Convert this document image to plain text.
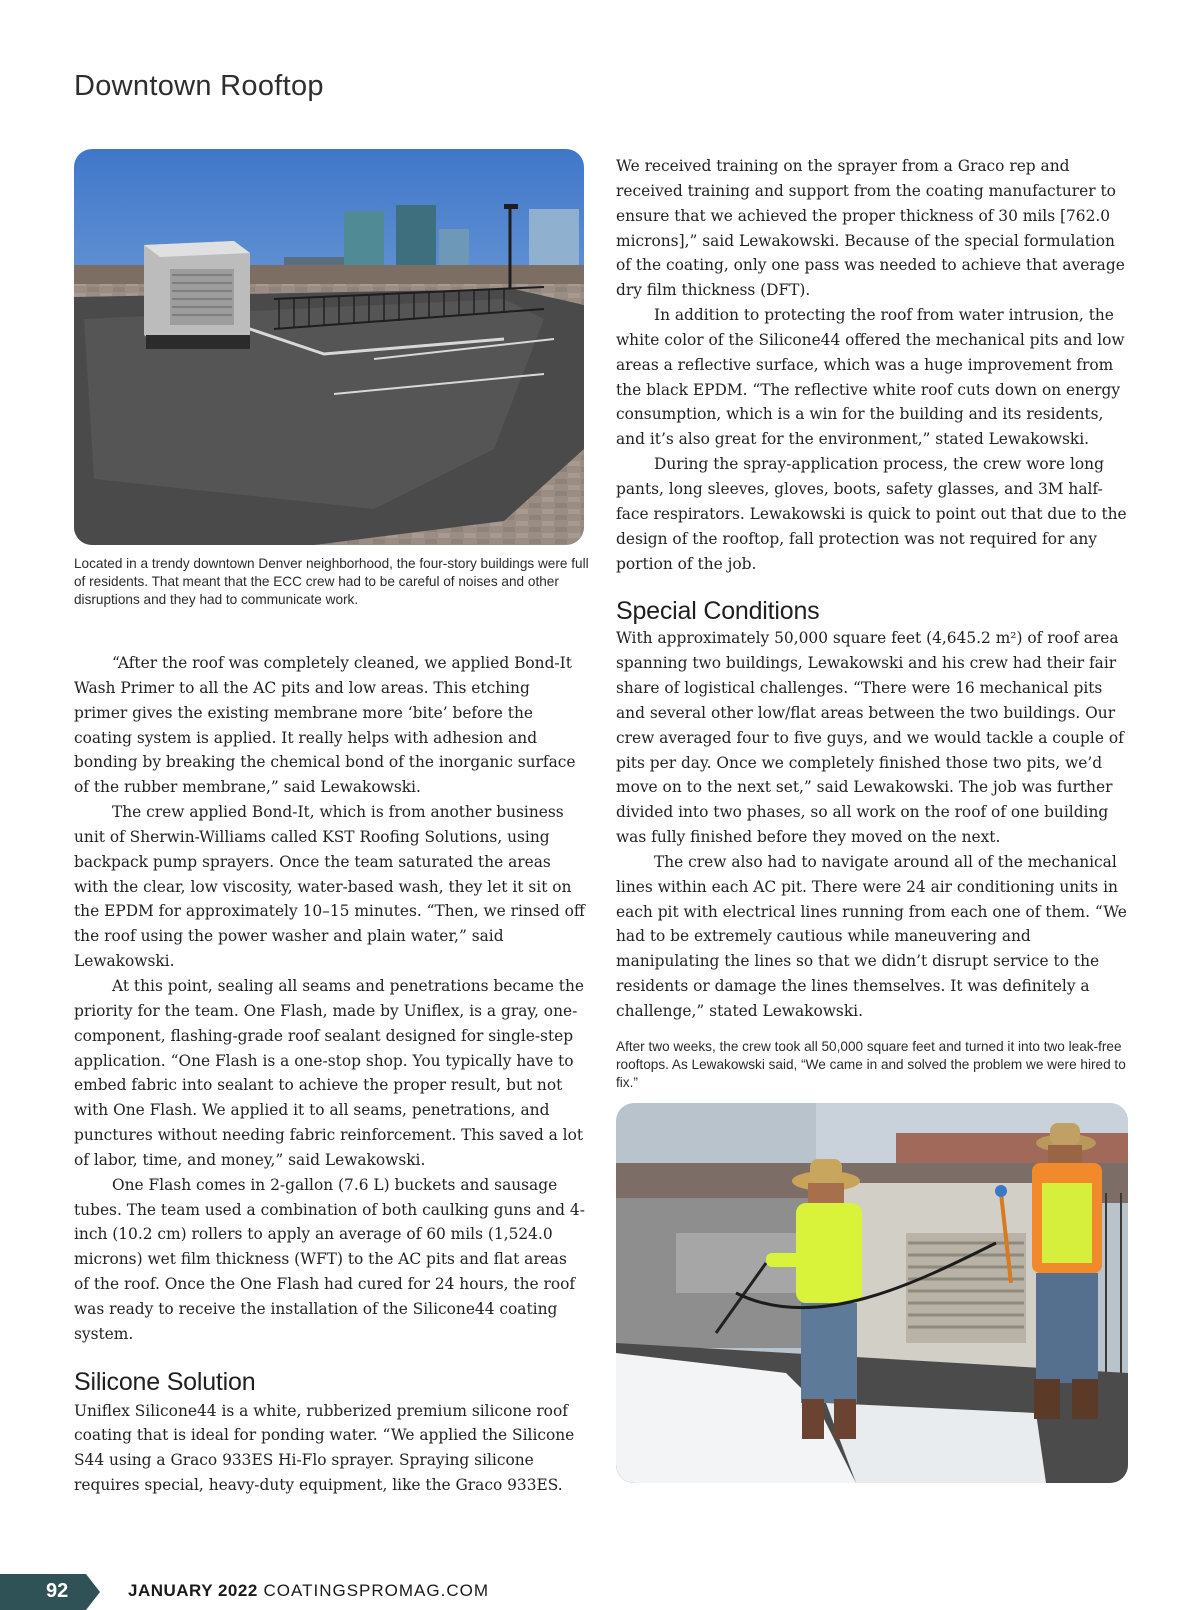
Downtown Rooftop
Located in a trendy downtown Denver neighborhood, the four-story buildings were full of residents. That meant that the ECC crew had to be careful of noises and other disruptions and they had to communicate work.

“After the roof was completely cleaned, we applied Bond-It Wash Primer to all the AC pits and low areas. This etching primer gives the existing membrane more ‘bite’ before the coating system is applied. It really helps with adhesion and bonding by breaking the chemical bond of the inorganic surface of the rubber membrane,” said Lewakowski.

The crew applied Bond-It, which is from another business unit of Sherwin-Williams called KST Roofing Solutions, using backpack pump sprayers. Once the team saturated the areas with the clear, low viscosity, water-based wash, they let it sit on the EPDM for approximately 10–15 minutes. “Then, we rinsed off the roof using the power washer and plain water,” said Lewakowski.

At this point, sealing all seams and penetrations became the priority for the team. One Flash, made by Uniflex, is a gray, one-component, flashing-grade roof sealant designed for single-step application. “One Flash is a one-stop shop. You typically have to embed fabric into sealant to achieve the proper result, but not with One Flash. We applied it to all seams, penetrations, and punctures without needing fabric reinforcement. This saved a lot of labor, time, and money,” said Lewakowski.

One Flash comes in 2-gallon (7.6 L) buckets and sausage tubes. The team used a combination of both caulking guns and 4-inch (10.2 cm) rollers to apply an average of 60 mils (1,524.0 microns) wet film thickness (WFT) to the AC pits and flat areas of the roof. Once the One Flash had cured for 24 hours, the roof was ready to receive the installation of the Silicone44 coating system.

Silicone Solution

Uniflex Silicone44 is a white, rubberized premium silicone roof coating that is ideal for ponding water. “We applied the Silicone S44 using a Graco 933ES Hi-Flo sprayer. Spraying silicone requires special, heavy-duty equipment, like the Graco 933ES.

We received training on the sprayer from a Graco rep and received training and support from the coating manufacturer to ensure that we achieved the proper thickness of 30 mils [762.0 microns],” said Lewakowski. Because of the special formulation of the coating, only one pass was needed to achieve that average dry film thickness (DFT).

In addition to protecting the roof from water intrusion, the white color of the Silicone44 offered the mechanical pits and low areas a reflective surface, which was a huge improvement from the black EPDM. “The reflective white roof cuts down on energy consumption, which is a win for the building and its residents, and it’s also great for the environment,” stated Lewakowski.

During the spray-application process, the crew wore long pants, long sleeves, gloves, boots, safety glasses, and 3M half-face respirators. Lewakowski is quick to point out that due to the design of the rooftop, fall protection was not required for any portion of the job.

Special Conditions

With approximately 50,000 square feet (4,645.2 m²) of roof area spanning two buildings, Lewakowski and his crew had their fair share of logistical challenges. “There were 16 mechanical pits and several other low/flat areas between the two buildings. Our crew averaged four to five guys, and we would tackle a couple of pits per day. Once we completely finished those two pits, we’d move on to the next set,” said Lewakowski. The job was further divided into two phases, so all work on the roof of one building was fully finished before they moved on the next.

The crew also had to navigate around all of the mechanical lines within each AC pit. There were 24 air conditioning units in each pit with electrical lines running from each one of them. “We had to be extremely cautious while maneuvering and manipulating the lines so that we didn’t disrupt service to the residents or damage the lines themselves. It was definitely a challenge,” stated Lewakowski.

After two weeks, the crew took all 50,000 square feet and turned it into two leak-free rooftops. As Lewakowski said, “We came in and solved the problem we were hired to fix.”
92	JANUARY 2022 COATINGSPROMAG.COM
